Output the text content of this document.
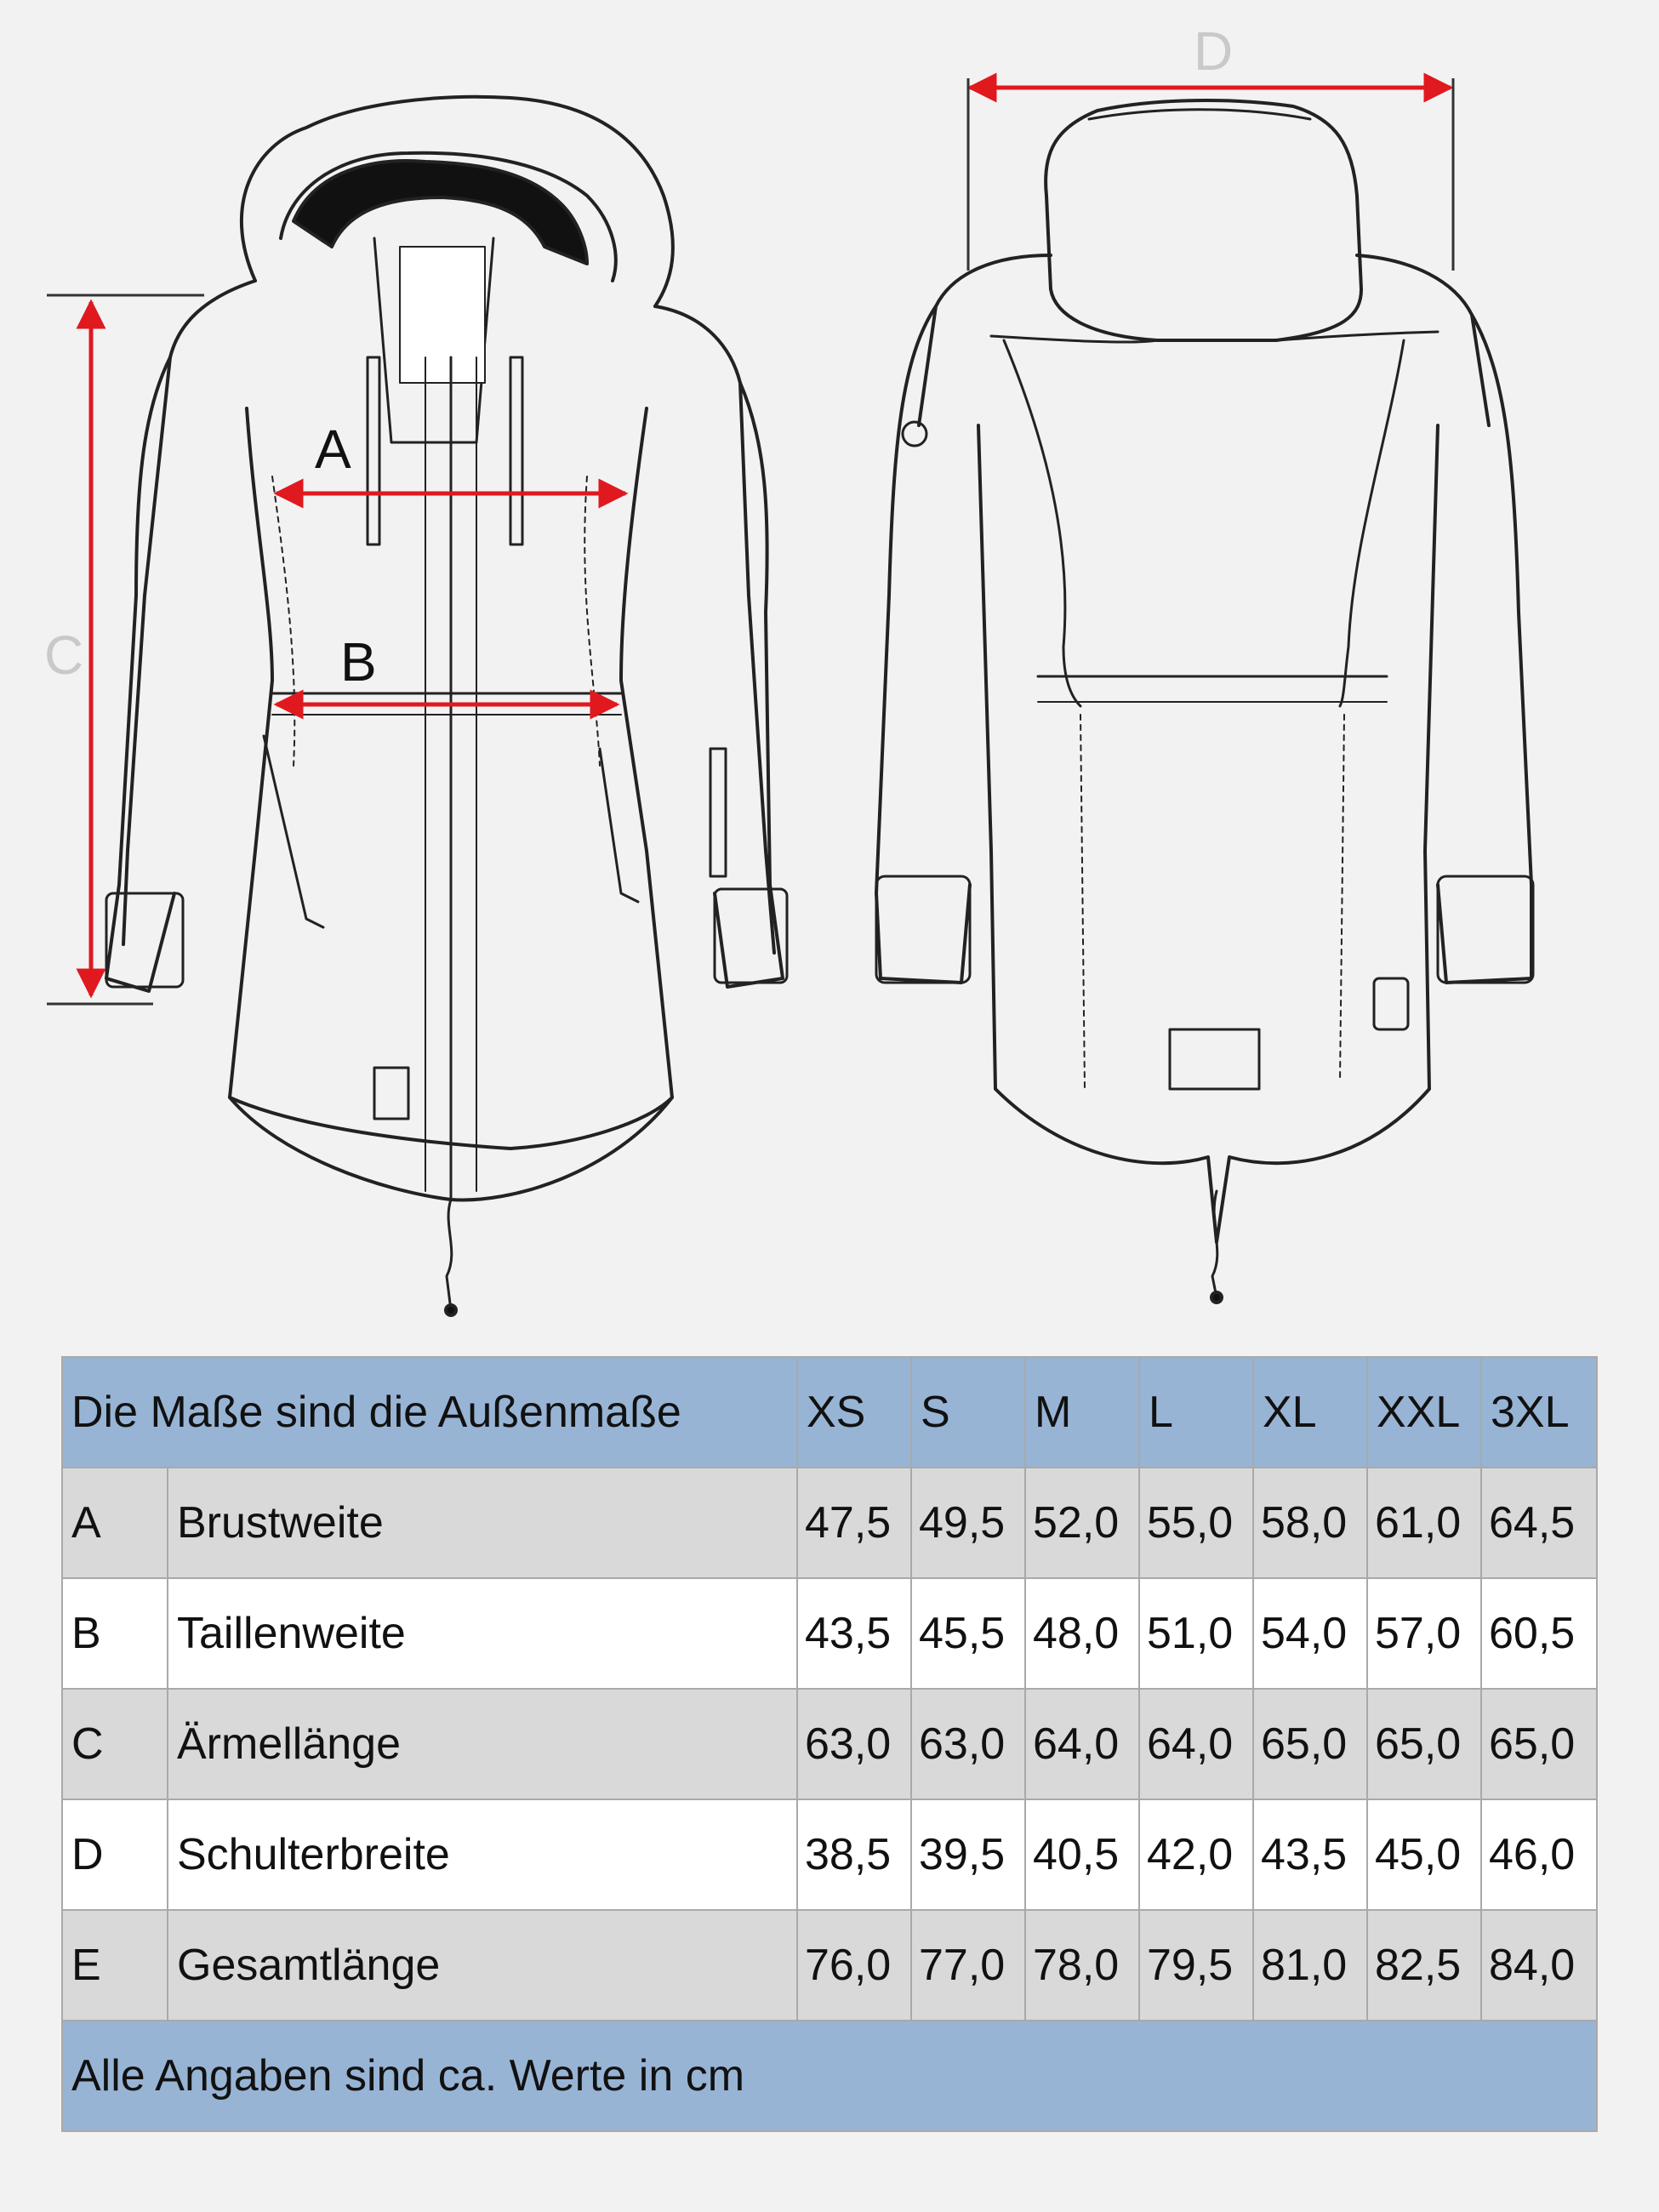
A
B
C
D
Die Maße sind die Außenmaße		XS	S	M	L	XL	XXL	3XL
A	Brustweite	47,5	49,5	52,0	55,0	58,0	61,0	64,5
B	Taillenweite	43,5	45,5	48,0	51,0	54,0	57,0	60,5
C	Ärmellänge	63,0	63,0	64,0	64,0	65,0	65,0	65,0
D	Schulterbreite	38,5	39,5	40,5	42,0	43,5	45,0	46,0
E	Gesamtlänge	76,0	77,0	78,0	79,5	81,0	82,5	84,0
Alle Angaben sind ca. Werte in cm								
